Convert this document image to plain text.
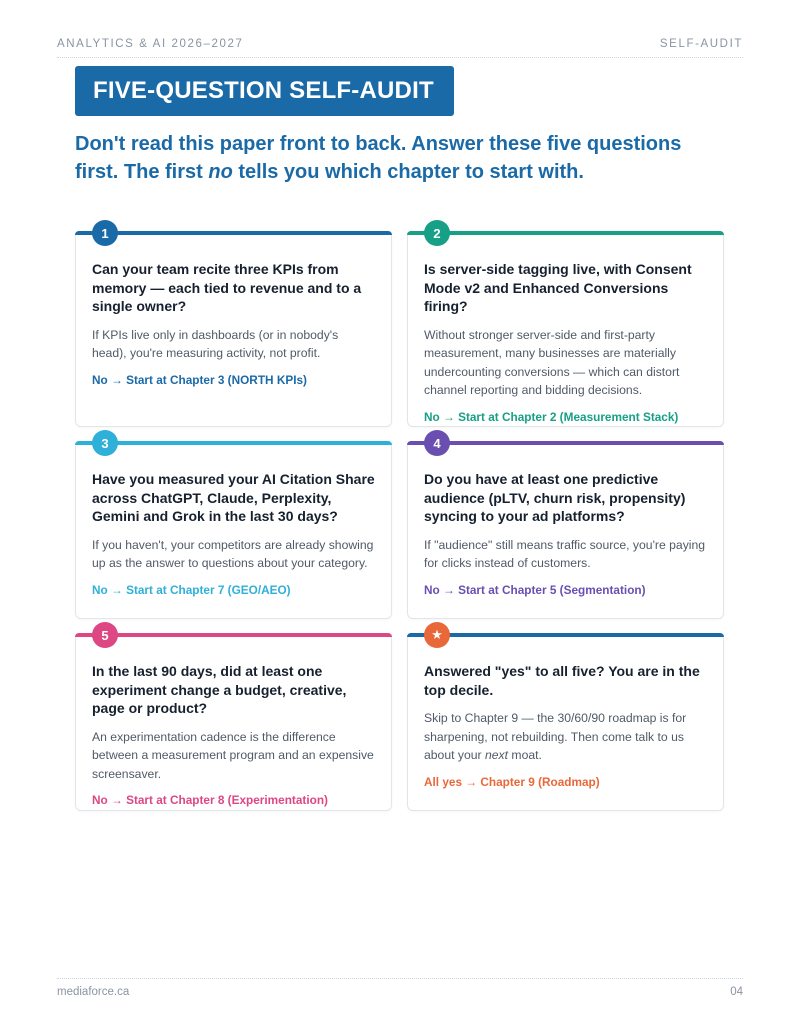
ANALYTICS & AI 2026–2027	SELF-AUDIT
FIVE-QUESTION SELF-AUDIT
Don't read this paper front to back. Answer these five questions first. The first no tells you which chapter to start with.
1
Can your team recite three KPIs from memory — each tied to revenue and to a single owner?
If KPIs live only in dashboards (or in nobody's head), you're measuring activity, not profit.
No → Start at Chapter 3 (NORTH KPIs)
2
Is server-side tagging live, with Consent Mode v2 and Enhanced Conversions firing?
Without stronger server-side and first-party measurement, many businesses are materially undercounting conversions — which can distort channel reporting and bidding decisions.
No → Start at Chapter 2 (Measurement Stack)
3
Have you measured your AI Citation Share across ChatGPT, Claude, Perplexity, Gemini and Grok in the last 30 days?
If you haven't, your competitors are already showing up as the answer to questions about your category.
No → Start at Chapter 7 (GEO/AEO)
4
Do you have at least one predictive audience (pLTV, churn risk, propensity) syncing to your ad platforms?
If "audience" still means traffic source, you're paying for clicks instead of customers.
No → Start at Chapter 5 (Segmentation)
5
In the last 90 days, did at least one experiment change a budget, creative, page or product?
An experimentation cadence is the difference between a measurement program and an expensive screensaver.
No → Start at Chapter 8 (Experimentation)
★
Answered "yes" to all five? You are in the top decile.
Skip to Chapter 9 — the 30/60/90 roadmap is for sharpening, not rebuilding. Then come talk to us about your next moat.
All yes → Chapter 9 (Roadmap)
mediaforce.ca	04
